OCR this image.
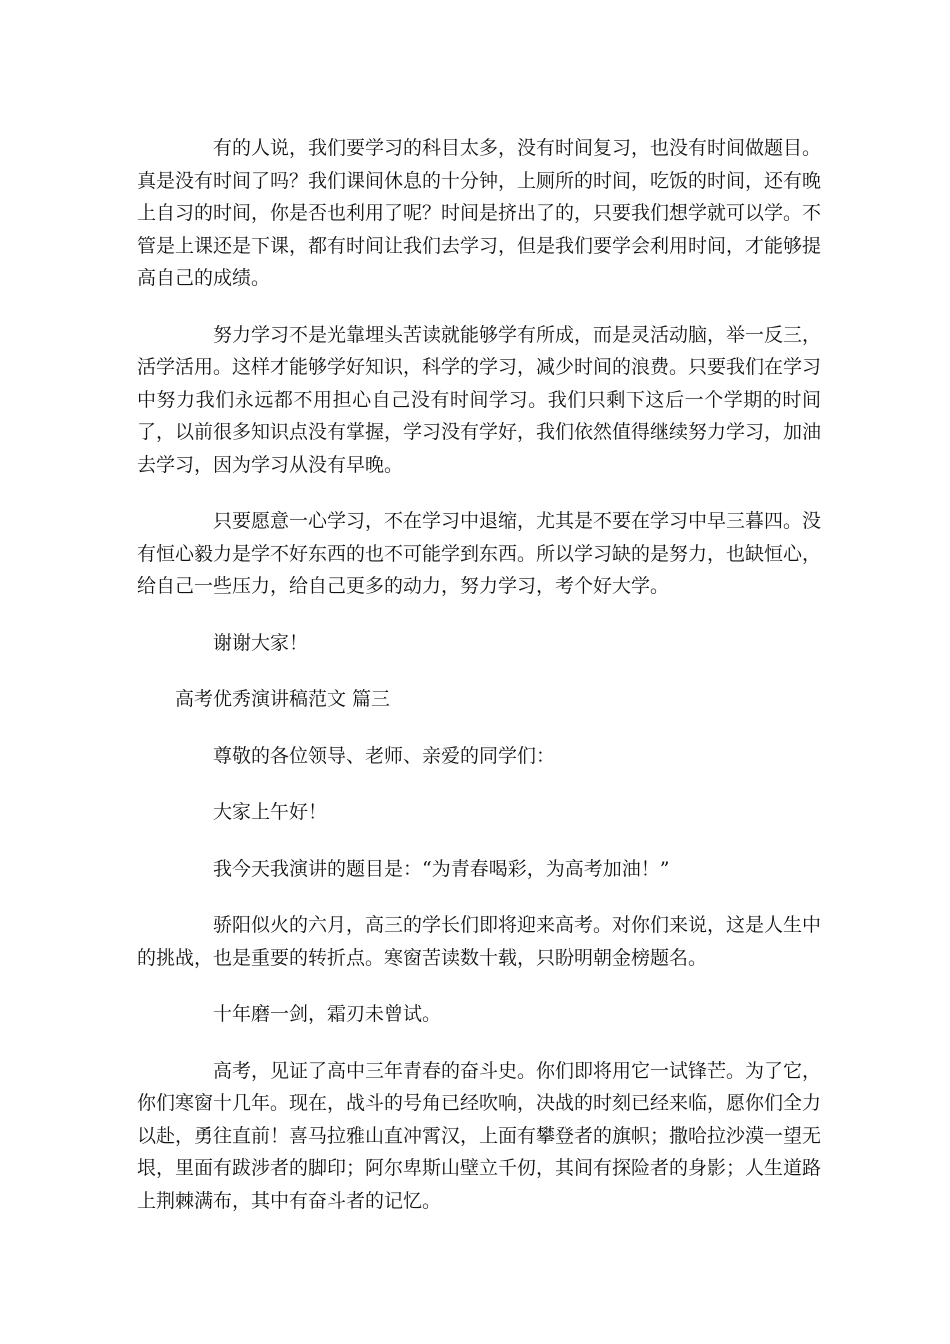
有的人说，我们要学习的科目太多，没有时间复习，也没有时间做题目。真是没有时间了吗？我们课间休息的十分钟，上厕所的时间，吃饭的时间，还有晚上自习的时间，你是否也利用了呢？时间是挤出了的，只要我们想学就可以学。不管是上课还是下课，都有时间让我们去学习，但是我们要学会利用时间，才能够提高自己的成绩。

努力学习不是光靠埋头苦读就能够学有所成，而是灵活动脑，举一反三，活学活用。这样才能够学好知识，科学的学习，减少时间的浪费。只要我们在学习中努力我们永远都不用担心自己没有时间学习。我们只剩下这后一个学期的时间了，以前很多知识点没有掌握，学习没有学好，我们依然值得继续努力学习，加油去学习，因为学习从没有早晚。

只要愿意一心学习，不在学习中退缩，尤其是不要在学习中早三暮四。没有恒心毅力是学不好东西的也不可能学到东西。所以学习缺的是努力，也缺恒心，给自己一些压力，给自己更多的动力，努力学习，考个好大学。

谢谢大家！

高考优秀演讲稿范文 篇三

尊敬的各位领导、老师、亲爱的同学们：

大家上午好！

我今天我演讲的题目是：“为青春喝彩，为高考加油！”

骄阳似火的六月，高三的学长们即将迎来高考。对你们来说，这是人生中的挑战，也是重要的转折点。寒窗苦读数十载，只盼明朝金榜题名。

十年磨一剑，霜刃未曾试。

高考，见证了高中三年青春的奋斗史。你们即将用它一试锋芒。为了它，你们寒窗十几年。现在，战斗的号角已经吹响，决战的时刻已经来临，愿你们全力以赴，勇往直前！喜马拉雅山直冲霄汉，上面有攀登者的旗帜；撒哈拉沙漠一望无垠，里面有跋涉者的脚印；阿尔卑斯山壁立千仞，其间有探险者的身影；人生道路上荆棘满布，其中有奋斗者的记忆。
